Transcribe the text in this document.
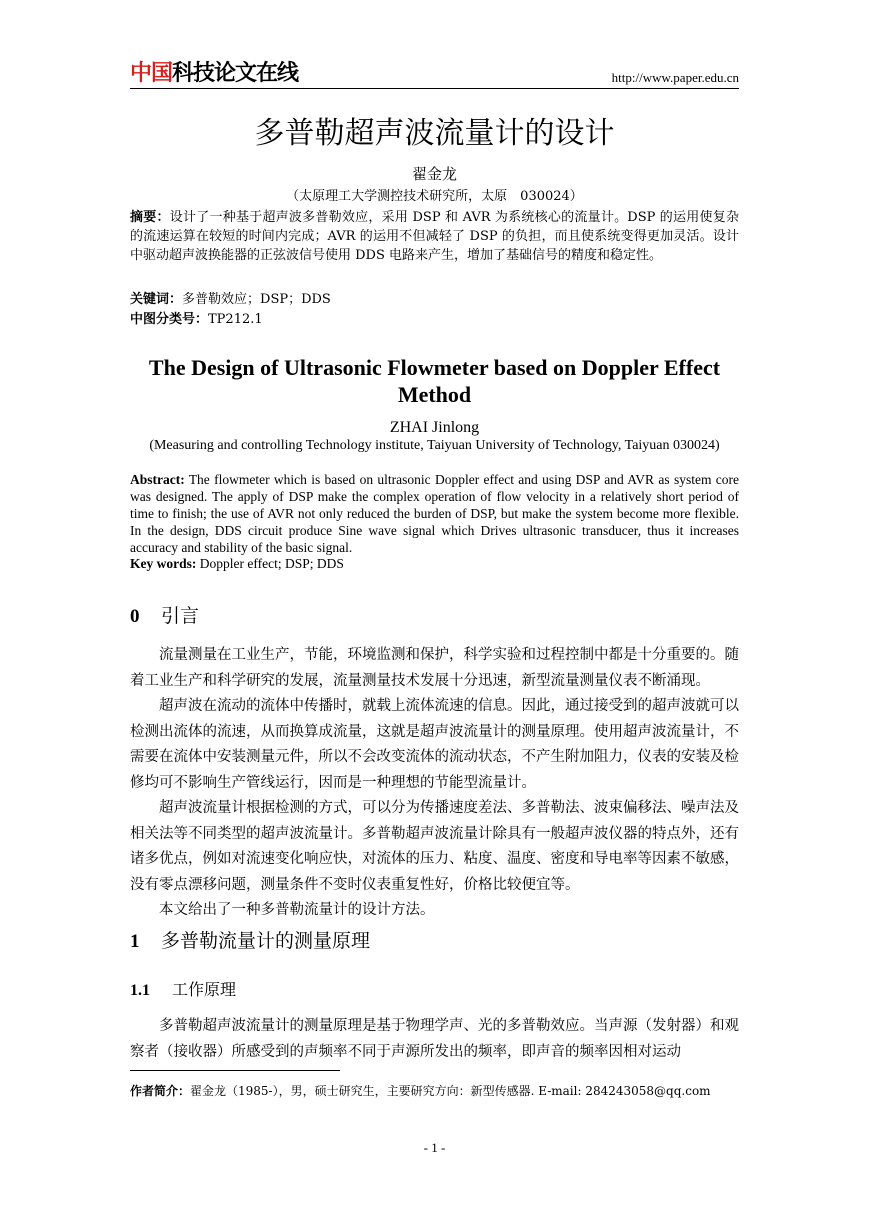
中国科技论文在线	http://www.paper.edu.cn
多普勒超声波流量计的设计
翟金龙
（太原理工大学测控技术研究所，太原　030024）
摘要：设计了一种基于超声波多普勒效应，采用 DSP 和 AVR 为系统核心的流量计。DSP 的运用使复杂的流速运算在较短的时间内完成；AVR 的运用不但减轻了 DSP 的负担，而且使系统变得更加灵活。设计中驱动超声波换能器的正弦波信号使用 DDS 电路来产生，增加了基础信号的精度和稳定性。
关键词：多普勒效应；DSP；DDS
中图分类号：TP212.1
The Design of Ultrasonic Flowmeter based on Doppler Effect Method
ZHAI Jinlong
(Measuring and controlling Technology institute, Taiyuan University of Technology, Taiyuan 030024)
Abstract: The flowmeter which is based on ultrasonic Doppler effect and using DSP and AVR as system core was designed. The apply of DSP make the complex operation of flow velocity in a relatively short period of time to finish; the use of AVR not only reduced the burden of DSP, but make the system become more flexible. In the design, DDS circuit produce Sine wave signal which Drives ultrasonic transducer, thus it increases accuracy and stability of the basic signal.
Key words: Doppler effect; DSP; DDS
0 引言

流量测量在工业生产，节能，环境监测和保护，科学实验和过程控制中都是十分重要的。随着工业生产和科学研究的发展，流量测量技术发展十分迅速，新型流量测量仪表不断涌现。

超声波在流动的流体中传播时，就载上流体流速的信息。因此，通过接受到的超声波就可以检测出流体的流速，从而换算成流量，这就是超声波流量计的测量原理。使用超声波流量计，不需要在流体中安装测量元件，所以不会改变流体的流动状态，不产生附加阻力，仪表的安装及检修均可不影响生产管线运行，因而是一种理想的节能型流量计。

超声波流量计根据检测的方式，可以分为传播速度差法、多普勒法、波束偏移法、噪声法及相关法等不同类型的超声波流量计。多普勒超声波流量计除具有一般超声波仪器的特点外，还有诸多优点，例如对流速变化响应快，对流体的压力、粘度、温度、密度和导电率等因素不敏感，没有零点漂移问题，测量条件不变时仪表重复性好，价格比较便宜等。

本文给出了一种多普勒流量计的设计方法。

1 多普勒流量计的测量原理
1.1 工作原理

多普勒超声波流量计的测量原理是基于物理学声、光的多普勒效应。当声源（发射器）和观察者（接收器）所感受到的声频率不同于声源所发出的频率，即声音的频率因相对运动

作者简介：翟金龙（1985-），男，硕士研究生，主要研究方向：新型传感器. E-mail: 284243058@qq.com
- 1 -
